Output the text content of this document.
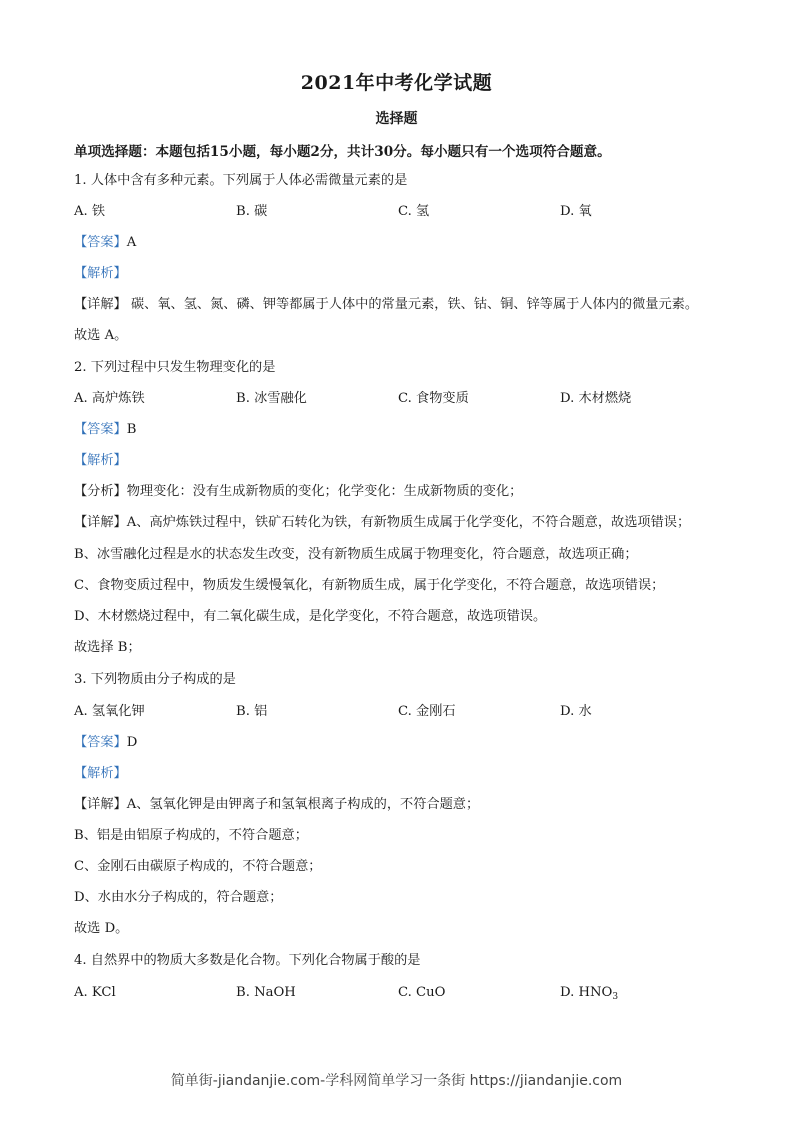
2021年中考化学试题
选择题
单项选择题：本题包括15小题，每小题2分，共计30分。每小题只有一个选项符合题意。
1. 人体中含有多种元素。下列属于人体必需微量元素的是
A. 铁	B. 碳	C. 氢	D. 氧
【答案】A
【解析】
【详解】 碳、氧、氢、氮、磷、钾等都属于人体中的常量元素，铁、钴、铜、锌等属于人体内的微量元素。
故选 A。
2. 下列过程中只发生物理变化的是
A. 高炉炼铁	B. 冰雪融化	C. 食物变质	D. 木材燃烧
【答案】B
【解析】
【分析】物理变化：没有生成新物质的变化；化学变化：生成新物质的变化；
【详解】A、高炉炼铁过程中，铁矿石转化为铁，有新物质生成属于化学变化，不符合题意，故选项错误；
B、冰雪融化过程是水的状态发生改变，没有新物质生成属于物理变化，符合题意，故选项正确；
C、食物变质过程中，物质发生缓慢氧化，有新物质生成，属于化学变化，不符合题意，故选项错误；
D、木材燃烧过程中，有二氧化碳生成，是化学变化，不符合题意，故选项错误。
故选择 B；
3. 下列物质由分子构成的是
A. 氢氧化钾	B. 铝	C. 金刚石	D. 水
【答案】D
【解析】
【详解】A、氢氧化钾是由钾离子和氢氧根离子构成的，不符合题意；
B、铝是由铝原子构成的，不符合题意；
C、金刚石由碳原子构成的，不符合题意；
D、水由水分子构成的，符合题意；
故选 D。
4. 自然界中的物质大多数是化合物。下列化合物属于酸的是
A. KCl	B. NaOH	C. CuO	D. $HNO_3$
简单街-jiandanjie.com-学科网简单学习一条街 https://jiandanjie.com
